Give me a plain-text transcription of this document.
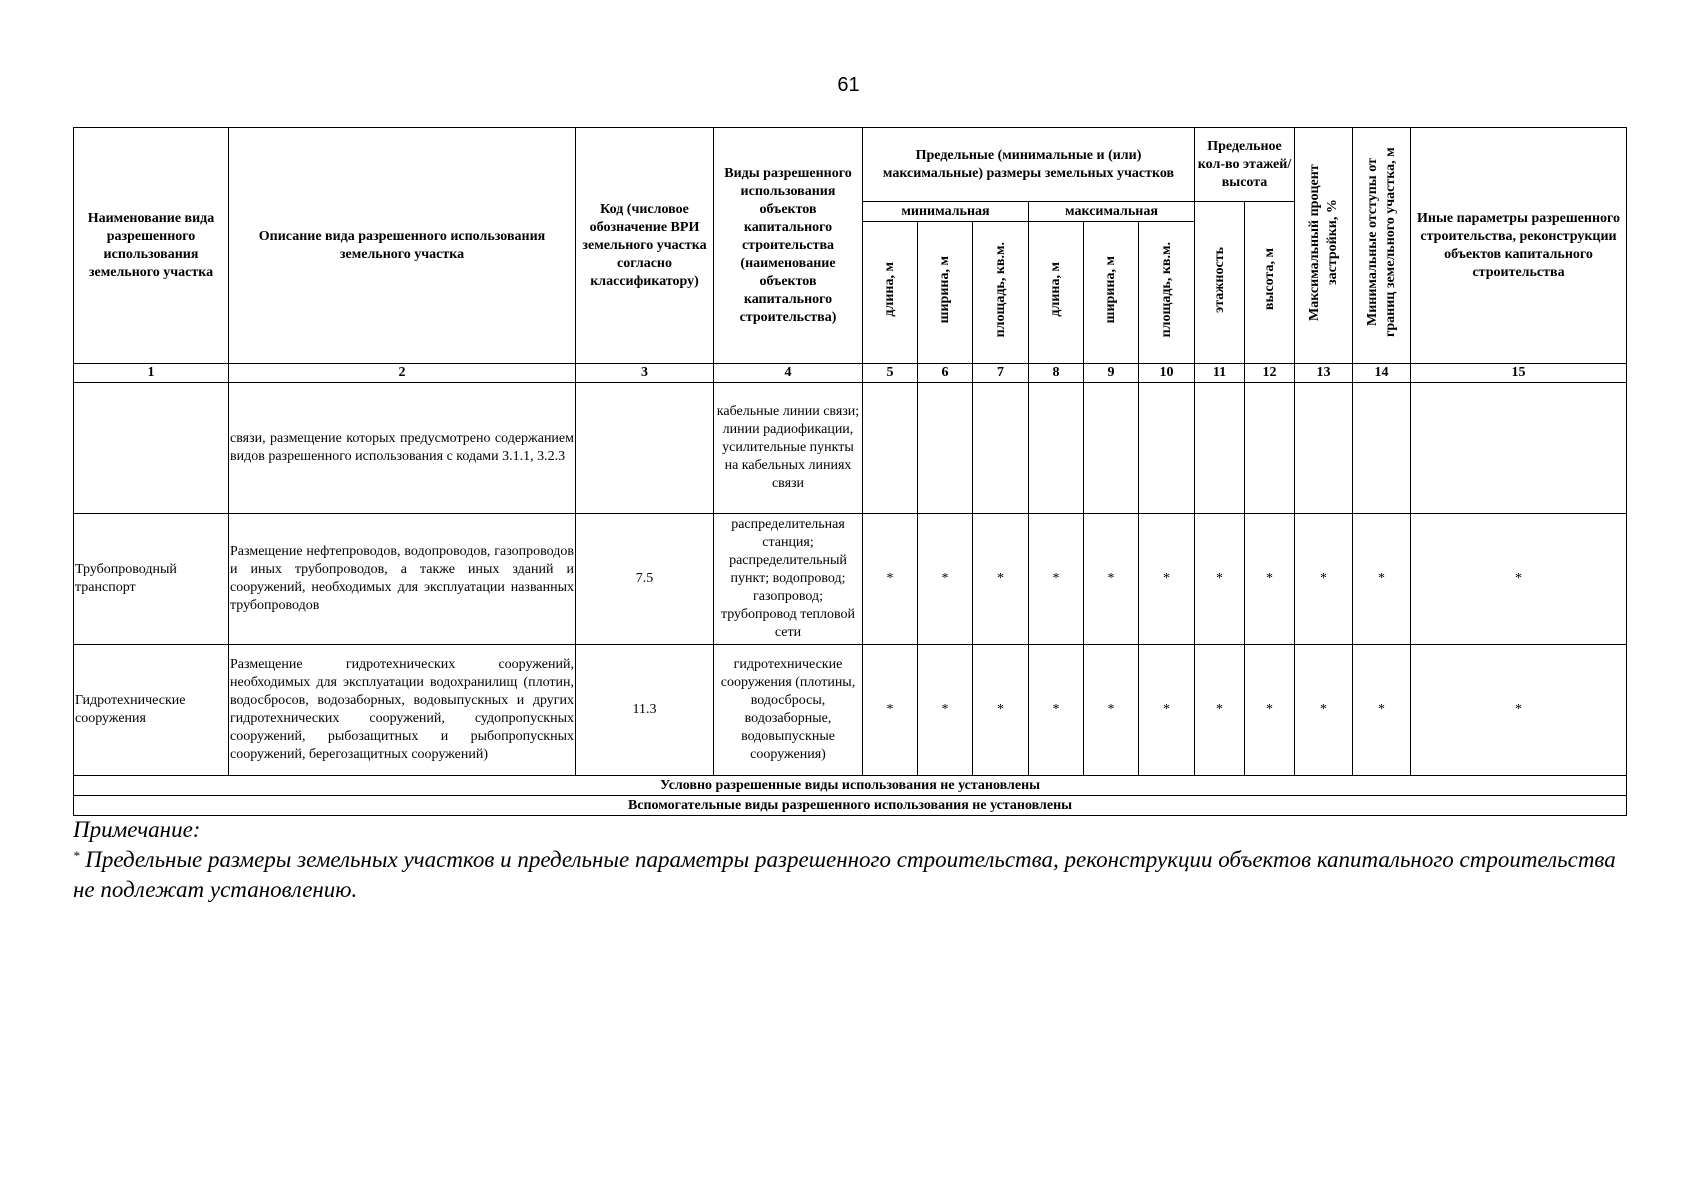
61
Наименование вида разрешенного использования земельного участка	Описание вида разрешенного использования земельного участка	Код (числовое обозначение ВРИ земельного участка согласно классификатору)	Виды разрешенного использования объектов капитального строительства (наименование объектов капитального строительства)	Предельные (минимальные и (или) максимальные) размеры земельных участков						Предельное кол-во этажей/ высота		Максимальный процент застройки, %	Минимальные отступы от границ земельного участка, м	Иные параметры разрешенного строительства, реконструкции объектов капитального строительства
				минимальная			максимальная			этажность	высота, м			
				длина, м	ширина, м	площадь, кв.м.	длина, м	ширина, м	площадь, кв.м.					
1	2	3	4	5	6	7	8	9	10	11	12	13	14	15
	связи, размещение которых предусмотрено содержанием видов разрешенного использования с кодами 3.1.1, 3.2.3		кабельные линии связи; линии радиофикации, усилительные пункты на кабельных линиях связи											
Трубопроводный транспорт	Размещение нефтепроводов, водопроводов, газопроводов и иных трубопроводов, а также иных зданий и сооружений, необходимых для эксплуатации названных трубопроводов	7.5	распределительная станция; распределительный пункт; водопровод; газопровод; трубопровод тепловой сети	*	*	*	*	*	*	*	*	*	*	*
Гидротехнические сооружения	Размещение гидротехнических сооружений, необходимых для эксплуатации водохранилищ (плотин, водосбросов, водозаборных, водовыпускных и других гидротехнических сооружений, судопропускных сооружений, рыбозащитных и рыбопропускных сооружений, берегозащитных сооружений)	11.3	гидротехнические сооружения (плотины, водосбросы, водозаборные, водовыпускные сооружения)	*	*	*	*	*	*	*	*	*	*	*
Условно разрешенные виды использования не установлены														
Вспомогательные виды разрешенного использования не установлены														
Примечание:
* Предельные размеры земельных участков и предельные параметры разрешенного строительства, реконструкции объектов капитального строительства не подлежат установлению.
